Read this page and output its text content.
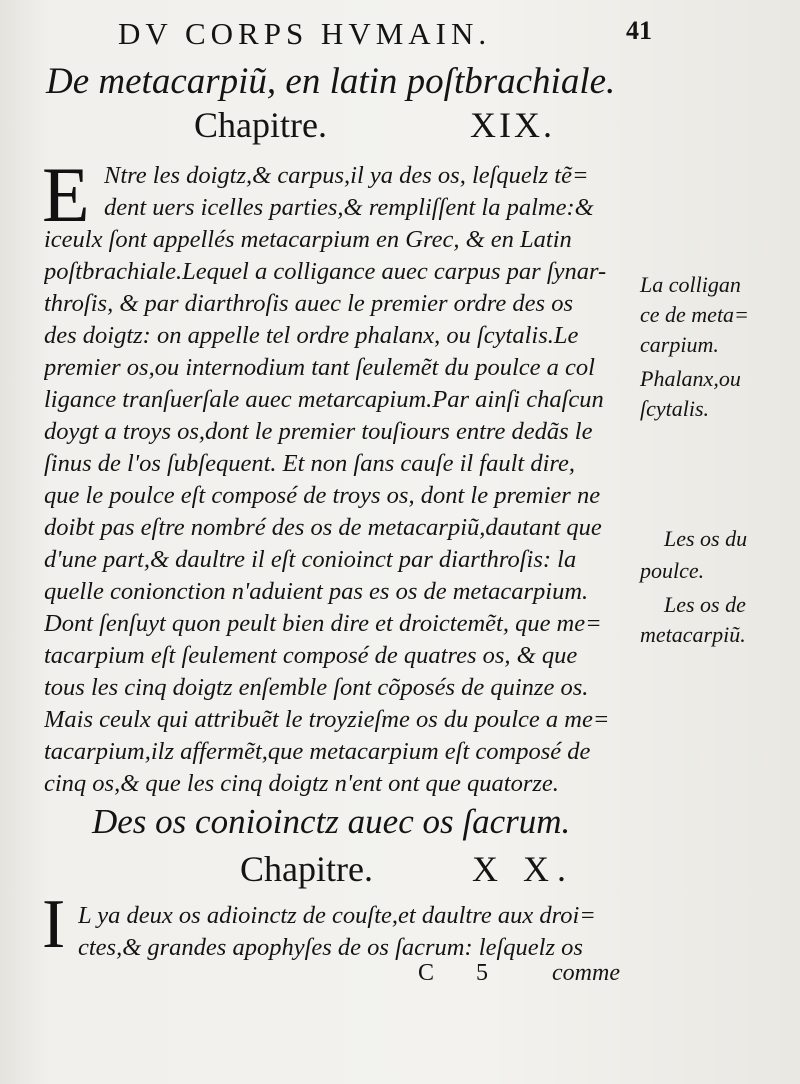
DV CORPS HVMAIN.	41
De metacarpiũ, en latin poſtbrachiale.
Chapitre.	XIX.
E Ntre les doigtz,& carpus,il ya des os, leſquelz tẽ=
dent uers icelles parties,& rempliſſent la palme:&
iceulx ſont appellés metacarpium en Grec, & en Latin
poſtbrachiale.Lequel a colligance auec carpus par ſynar-
throſis, & par diarthroſis auec le premier ordre des os
des doigtz: on appelle tel ordre phalanx, ou ſcytalis.Le
premier os,ou internodium tant ſeulemẽt du poulce a col
ligance tranſuerſale auec metarcapium.Par ainſi chaſcun
doygt a troys os,dont le premier touſiours entre dedãs le
ſinus de l'os ſubſequent. Et non ſans cauſe il fault dire,
que le poulce eſt composé de troys os, dont le premier ne
doibt pas eſtre nombré des os de metacarpiũ,dautant que
d'une part,& daultre il eſt conioinct par diarthroſis: la
quelle conionction n'aduient pas es os de metacarpium.
Dont ſenſuyt quon peult bien dire et droictemẽt, que me=
tacarpium eſt ſeulement composé de quatres os, & que
tous les cinq doigtz enſemble ſont cõposés de quinze os.
Mais ceulx qui attribuẽt le troyzieſme os du poulce a me=
tacarpium,ilz affermẽt,que metacarpium eſt composé de
cinq os,& que les cinq doigtz n'ent ont que quatorze.
Des os conioinctz auec os ſacrum.
Chapitre.	X X.
I L ya deux os adioinctz de couſte,et daultre aux droi=
ctes,& grandes apophyſes de os ſacrum: leſquelz os
La colligan
ce de meta=
carpium.
Phalanx,ou
ſcytalis.
Les os du
poulce.
Les os de
metacarpiũ.
C 5 comme
